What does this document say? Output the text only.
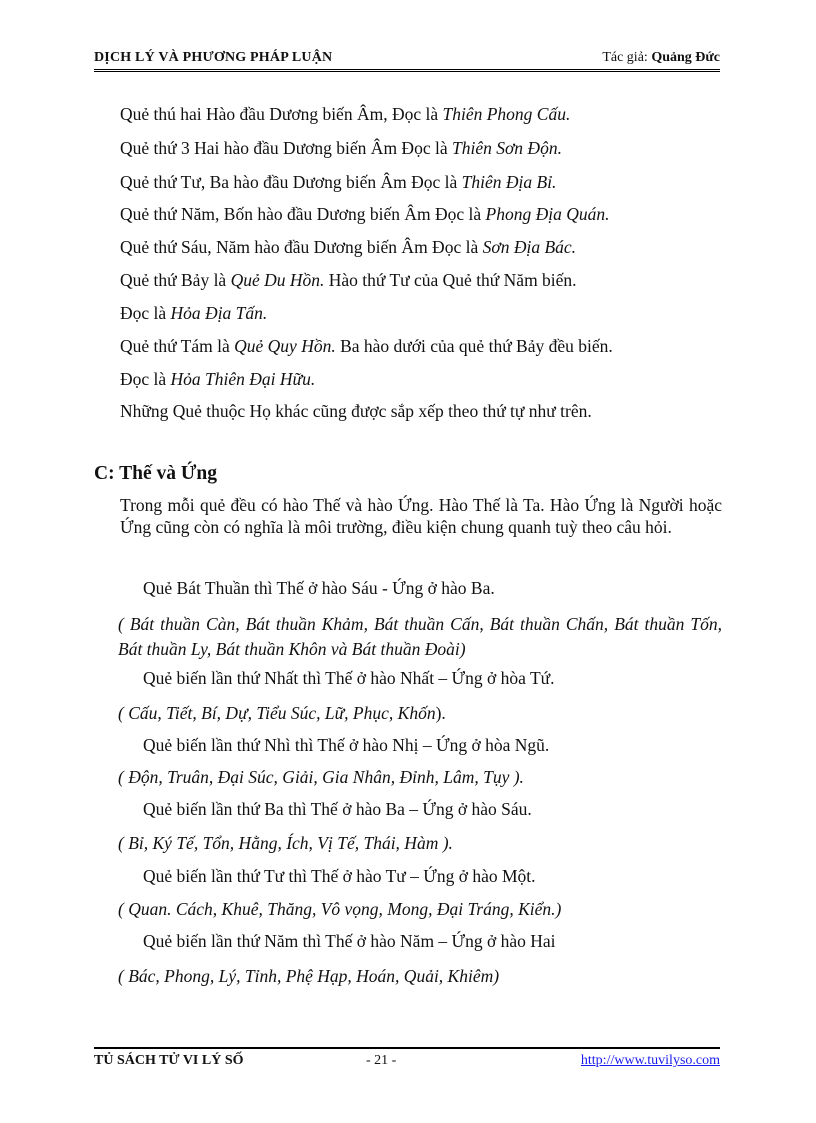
DỊCH LÝ VÀ PHƯƠNG PHÁP LUẬN	Tác giả: Quảng Đức
Quẻ thú hai Hào đầu Dương biến Âm, Đọc là Thiên Phong Cấu.
Quẻ thứ 3 Hai hào đầu Dương biến Âm Đọc là Thiên Sơn Độn.
Quẻ thứ Tư, Ba hào đầu Dương biến Âm Đọc là Thiên Địa Bỉ.
Quẻ thứ Năm, Bốn hào đầu Dương biến Âm Đọc là Phong Địa Quán.
Quẻ thứ Sáu, Năm hào đầu Dương biến Âm Đọc là Sơn Địa Bác.
Quẻ thứ Bảy là Quẻ Du Hồn. Hào thứ Tư của Quẻ thứ Năm biến.
Đọc là Hỏa Địa Tấn.
Quẻ thứ Tám là Quẻ Quy Hồn. Ba hào dưới của quẻ thứ Bảy đều biến.
Đọc là Hỏa Thiên Đại Hữu.
Những Quẻ thuộc Họ khác cũng được sắp xếp theo thứ tự như trên.
C: Thế và Ứng
Trong mỗi quẻ đều có hào Thế và hào Ứng. Hào Thế là Ta. Hào Ứng là Người hoặc Ứng cũng còn có nghĩa là môi trường, điều kiện chung quanh tuỳ theo câu hỏi.
Quẻ Bát Thuần thì Thế ở hào Sáu - Ứng ở hào Ba.
( Bát thuần Càn, Bát thuần Khảm, Bát thuần Cấn, Bát thuần Chấn, Bát thuần Tốn, Bát thuần Ly, Bát thuần Khôn và Bát thuần Đoài)
Quẻ biến lần thứ Nhất thì Thế ở hào Nhất – Ứng ở hòa Tứ.
( Cấu, Tiết, Bí, Dự, Tiểu Súc, Lữ, Phục, Khốn).
Quẻ biến lần thứ Nhì thì Thế ở hào Nhị – Ứng ở hòa Ngũ.
( Độn, Truân, Đại Súc, Giải, Gia Nhân, Đỉnh, Lâm, Tụy ).
Quẻ biến lần thứ Ba thì Thế ở hào Ba – Ứng ở hào Sáu.
( Bỉ, Ký Tế, Tổn, Hằng, Ích, Vị Tế, Thái, Hàm ).
Quẻ biến lần thứ Tư thì Thế ở hào Tư – Ứng ở hào Một.
( Quan. Cách, Khuê, Thăng, Vô vọng, Mong, Đại Tráng, Kiển.)
Quẻ biến lần thứ Năm thì Thế ở hào Năm – Ứng ở hào Hai
( Bác, Phong, Lý, Tỉnh, Phệ Hạp, Hoán, Quải, Khiêm)
TỦ SÁCH TỬ VI LÝ SỐ	- 21 -	http://www.tuvilyso.com
